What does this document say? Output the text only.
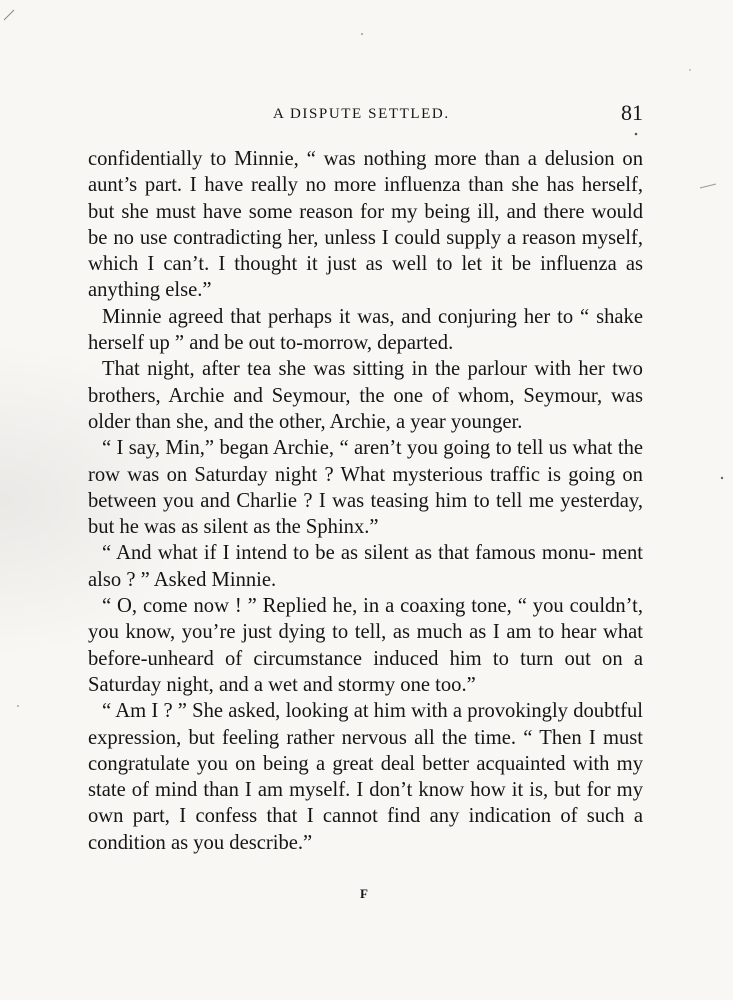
A DISPUTE SETTLED.	81

confidentially to Minnie, “ was nothing more than a delusion on aunt’s part. I have really no more influenza than she has herself, but she must have some reason for my being ill, and there would be no use contradicting her, unless I could supply a reason myself, which I can’t. I thought it just as well to let it be influenza as anything else.”

Minnie agreed that perhaps it was, and conjuring her to “ shake herself up ” and be out to-morrow, departed.

That night, after tea she was sitting in the parlour with her two brothers, Archie and Seymour, the one of whom, Seymour, was older than she, and the other, Archie, a year younger.

“ I say, Min,” began Archie, “ aren’t you going to tell us what the row was on Saturday night ? What mysterious traffic is going on between you and Charlie ? I was teasing him to tell me yesterday, but he was as silent as the Sphinx.”

“ And what if I intend to be as silent as that famous monu- ment also ? ” Asked Minnie.

“ O, come now ! ” Replied he, in a coaxing tone, “ you couldn’t, you know, you’re just dying to tell, as much as I am to hear what before-unheard of circumstance induced him to turn out on a Saturday night, and a wet and stormy one too.”

“ Am I ? ” She asked, looking at him with a provokingly doubtful expression, but feeling rather nervous all the time. “ Then I must congratulate you on being a great deal better acquainted with my state of mind than I am myself. I don’t know how it is, but for my own part, I confess that I cannot find any indication of such a condition as you describe.”

F
